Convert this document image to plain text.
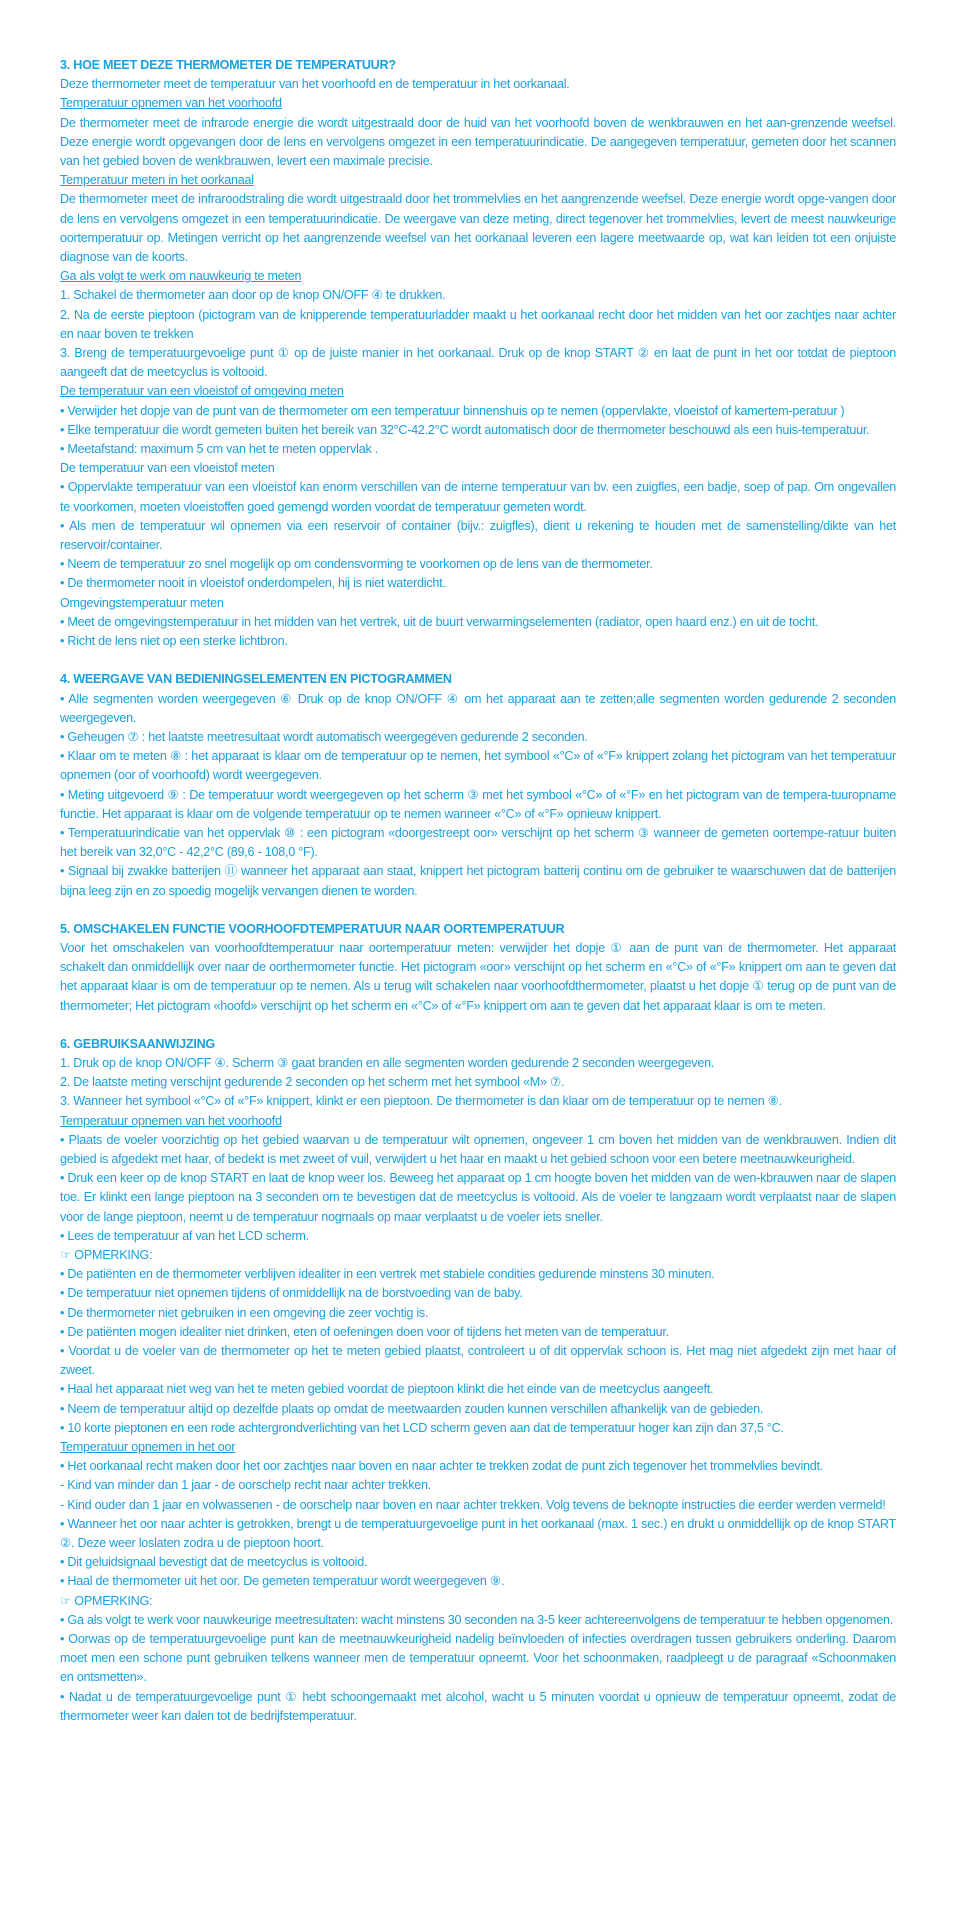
3. HOE MEET DEZE THERMOMETER DE TEMPERATUUR?

Deze thermometer meet de temperatuur van het voorhoofd en de temperatuur in het oorkanaal.

Temperatuur opnemen van het voorhoofd

De thermometer meet de infrarode energie die wordt uitgestraald door de huid van het voorhoofd boven de wenkbrauwen en het aan-grenzende weefsel. Deze energie wordt opgevangen door de lens en vervolgens omgezet in een temperatuurindicatie. De aangegeven temperatuur, gemeten door het scannen van het gebied boven de wenkbrauwen, levert een maximale precisie.

Temperatuur meten in het oorkanaal

De thermometer meet de infraroodstraling die wordt uitgestraald door het trommelvlies en het aangrenzende weefsel. Deze energie wordt opge-vangen door de lens en vervolgens omgezet in een temperatuurindicatie. De weergave van deze meting, direct tegenover het trommelvlies, levert de meest nauwkeurige oortemperatuur op. Metingen verricht op het aangrenzende weefsel van het oorkanaal leveren een lagere meetwaarde op, wat kan leiden tot een onjuiste diagnose van de koorts.

Ga als volgt te werk om nauwkeurig te meten

1. Schakel de thermometer aan door op de knop ON/OFF ④ te drukken.

2. Na de eerste pieptoon (pictogram van de knipperende temperatuurladder maakt u het oorkanaal recht door het midden van het oor zachtjes naar achter en naar boven te trekken

3. Breng de temperatuurgevoelige punt ① op de juiste manier in het oorkanaal. Druk op de knop START ② en laat de punt in het oor totdat de pieptoon aangeeft dat de meetcyclus is voltooid.

De temperatuur van een vloeistof of omgeving meten

• Verwijder het dopje van de punt van de thermometer om een temperatuur binnenshuis op te nemen (oppervlakte, vloeistof of kamertem-peratuur )

• Elke temperatuur die wordt gemeten buiten het bereik van 32°C-42.2°C wordt automatisch door de thermometer beschouwd als een huis-temperatuur.

• Meetafstand: maximum 5 cm van het te meten oppervlak .

De temperatuur van een vloeistof meten

• Oppervlakte temperatuur van een vloeistof kan enorm verschillen van de interne temperatuur van bv. een zuigfles, een badje, soep of pap. Om ongevallen te voorkomen, moeten vloeistoffen goed gemengd worden voordat de temperatuur gemeten wordt.

• Als men de temperatuur wil opnemen via een reservoir of container (bijv.: zuigfles), dient u rekening te houden met de samenstelling/dikte van het reservoir/container.

• Neem de temperatuur zo snel mogelijk op om condensvorming te voorkomen op de lens van de thermometer.

• De thermometer nooit in vloeistof onderdompelen, hij is niet waterdicht.

Omgevingstemperatuur meten

• Meet de omgevingstemperatuur in het midden van het vertrek, uit de buurt verwarmingselementen (radiator, open haard enz.) en uit de tocht.

• Richt de lens niet op een sterke lichtbron.

4. WEERGAVE VAN BEDIENINGSELEMENTEN EN PICTOGRAMMEN

• Alle segmenten worden weergegeven ⑥ Druk op de knop ON/OFF ④ om het apparaat aan te zetten;alle segmenten worden gedurende 2 seconden weergegeven.

• Geheugen ⑦ : het laatste meetresultaat wordt automatisch weergegeven gedurende 2 seconden.

• Klaar om te meten ⑧ : het apparaat is klaar om de temperatuur op te nemen, het symbool «°C» of «°F» knippert zolang het pictogram van het temperatuur opnemen (oor of voorhoofd) wordt weergegeven.

• Meting uitgevoerd ⑨ : De temperatuur wordt weergegeven op het scherm ③ met het symbool «°C» of «°F» en het pictogram van de tempera-tuuropname functie. Het apparaat is klaar om de volgende temperatuur op te nemen wanneer «°C» of «°F» opnieuw knippert.

• Temperatuurindicatie van het oppervlak ⑩ : een pictogram «doorgestreept oor» verschijnt op het scherm ③ wanneer de gemeten oortempe-ratuur buiten het bereik van 32,0°C - 42,2°C (89,6 - 108,0 °F).

• Signaal bij zwakke batterijen ⑪ wanneer het apparaat aan staat, knippert het pictogram batterij continu om de gebruiker te waarschuwen dat de batterijen bijna leeg zijn en zo spoedig mogelijk vervangen dienen te worden.

5. OMSCHAKELEN FUNCTIE VOORHOOFDTEMPERATUUR NAAR OORTEMPERATUUR

Voor het omschakelen van voorhoofdtemperatuur naar oortemperatuur meten: verwijder het dopje ① aan de punt van de thermometer. Het apparaat schakelt dan onmiddellijk over naar de oorthermometer functie. Het pictogram «oor» verschijnt op het scherm en «°C» of «°F» knippert om aan te geven dat het apparaat klaar is om de temperatuur op te nemen. Als u terug wilt schakelen naar voorhoofdthermometer, plaatst u het dopje ① terug op de punt van de thermometer; Het pictogram «hoofd» verschijnt op het scherm en «°C» of «°F» knippert om aan te geven dat het apparaat klaar is om te meten.

6. GEBRUIKSAANWIJZING

1. Druk op de knop ON/OFF ④. Scherm ③ gaat branden en alle segmenten worden gedurende 2 seconden weergegeven.

2. De laatste meting verschijnt gedurende 2 seconden op het scherm met het symbool «M» ⑦.

3. Wanneer het symbool «°C» of «°F» knippert, klinkt er een pieptoon. De thermometer is dan klaar om de temperatuur op te nemen ⑧.

Temperatuur opnemen van het voorhoofd

• Plaats de voeler voorzichtig op het gebied waarvan u de temperatuur wilt opnemen, ongeveer 1 cm boven het midden van de wenkbrauwen. Indien dit gebied is afgedekt met haar, of bedekt is met zweet of vuil, verwijdert u het haar en maakt u het gebied schoon voor een betere meetnauwkeurigheid.

• Druk een keer op de knop START en laat de knop weer los. Beweeg het apparaat op 1 cm hoogte boven het midden van de wen-kbrauwen naar de slapen toe. Er klinkt een lange pieptoon na 3 seconden om te bevestigen dat de meetcyclus is voltooid. Als de voeler te langzaam wordt verplaatst naar de slapen voor de lange pieptoon, neemt u de temperatuur nogmaals op maar verplaatst u de voeler iets sneller.

• Lees de temperatuur af van het LCD scherm.

☞ OPMERKING:

• De patiënten en de thermometer verblijven idealiter in een vertrek met stabiele condities gedurende minstens 30 minuten.

• De temperatuur niet opnemen tijdens of onmiddellijk na de borstvoeding van de baby.

• De thermometer niet gebruiken in een omgeving die zeer vochtig is.

• De patiënten mogen idealiter niet drinken, eten of oefeningen doen voor of tijdens het meten van de temperatuur.

• Voordat u de voeler van de thermometer op het te meten gebied plaatst, controleert u of dit oppervlak schoon is. Het mag niet afgedekt zijn met haar of zweet.

• Haal het apparaat niet weg van het te meten gebied voordat de pieptoon klinkt die het einde van de meetcyclus aangeeft.

• Neem de temperatuur altijd op dezelfde plaats op omdat de meetwaarden zouden kunnen verschillen afhankelijk van de gebieden.

• 10 korte pieptonen en een rode achtergrondverlichting van het LCD scherm geven aan dat de temperatuur hoger kan zijn dan 37,5 °C.

Temperatuur opnemen in het oor

• Het oorkanaal recht maken door het oor zachtjes naar boven en naar achter te trekken zodat de punt zich tegenover het trommelvlies bevindt.

- Kind van minder dan 1 jaar - de oorschelp recht naar achter trekken.

- Kind ouder dan 1 jaar en volwassenen - de oorschelp naar boven en naar achter trekken. Volg tevens de beknopte instructies die eerder werden vermeld!

• Wanneer het oor naar achter is getrokken, brengt u de temperatuurgevoelige punt in het oorkanaal (max. 1 sec.) en drukt u onmiddellijk op de knop START ②. Deze weer loslaten zodra u de pieptoon hoort.

• Dit geluidsignaal bevestigt dat de meetcyclus is voltooid.

• Haal de thermometer uit het oor. De gemeten temperatuur wordt weergegeven ⑨.

☞ OPMERKING:

• Ga als volgt te werk voor nauwkeurige meetresultaten: wacht minstens 30 seconden na 3-5 keer achtereenvolgens de temperatuur te hebben opgenomen.

• Oorwas op de temperatuurgevoelige punt kan de meetnauwkeurigheid nadelig beïnvloeden of infecties overdragen tussen gebruikers onderling. Daarom moet men een schone punt gebruiken telkens wanneer men de temperatuur opneemt. Voor het schoonmaken, raadpleegt u de paragraaf «Schoonmaken en ontsmetten».

• Nadat u de temperatuurgevoelige punt ① hebt schoongemaakt met alcohol, wacht u 5 minuten voordat u opnieuw de temperatuur opneemt, zodat de thermometer weer kan dalen tot de bedrijfstemperatuur.
